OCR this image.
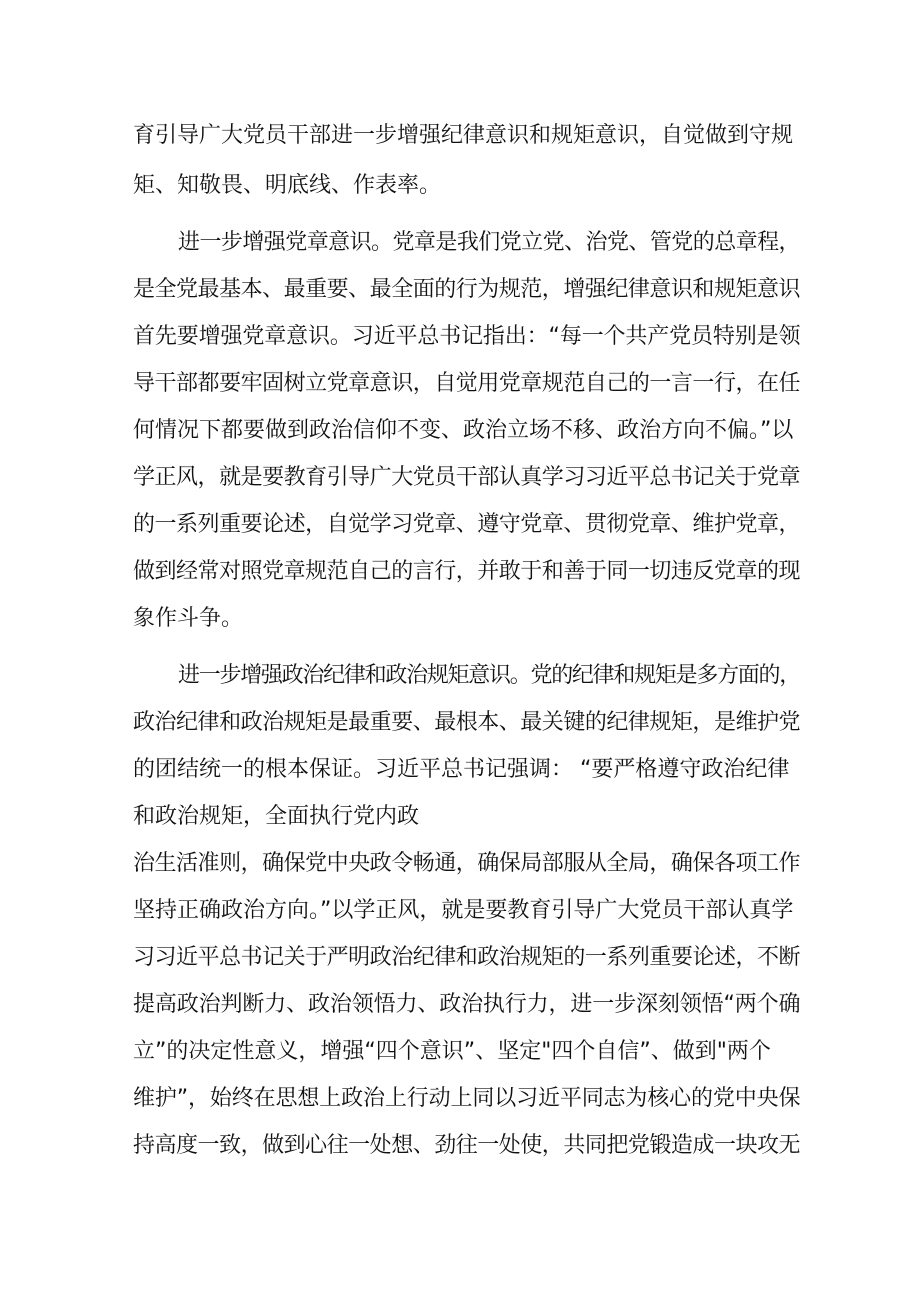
育引导广大党员干部进一步增强纪律意识和规矩意识，自觉做到守规
矩、知敬畏、明底线、作表率。
进一步增强党章意识。党章是我们党立党、治党、管党的总章程，
是全党最基本、最重要、最全面的行为规范，增强纪律意识和规矩意识
首先要增强党章意识。习近平总书记指出：“每一个共产党员特别是领
导干部都要牢固树立党章意识，自觉用党章规范自己的一言一行，在任
何情况下都要做到政治信仰不变、政治立场不移、政治方向不偏。”以
学正风，就是要教育引导广大党员干部认真学习习近平总书记关于党章
的一系列重要论述，自觉学习党章、遵守党章、贯彻党章、维护党章，
做到经常对照党章规范自己的言行，并敢于和善于同一切违反党章的现
象作斗争。
进一步增强政治纪律和政治规矩意识。党的纪律和规矩是多方面的，
政治纪律和政治规矩是最重要、最根本、最关键的纪律规矩，是维护党
的团结统一的根本保证。习近平总书记强调： “要严格遵守政治纪律
和政治规矩，全面执行党内政
治生活准则，确保党中央政令畅通，确保局部服从全局，确保各项工作
坚持正确政治方向。”以学正风，就是要教育引导广大党员干部认真学
习习近平总书记关于严明政治纪律和政治规矩的一系列重要论述，不断
提高政治判断力、政治领悟力、政治执行力，进一步深刻领悟“两个确
立”的决定性意义，增强“四个意识”、坚定"四个自信”、做到"两个
维护”，始终在思想上政治上行动上同以习近平同志为核心的党中央保
持高度一致，做到心往一处想、劲往一处使，共同把党锻造成一块攻无
